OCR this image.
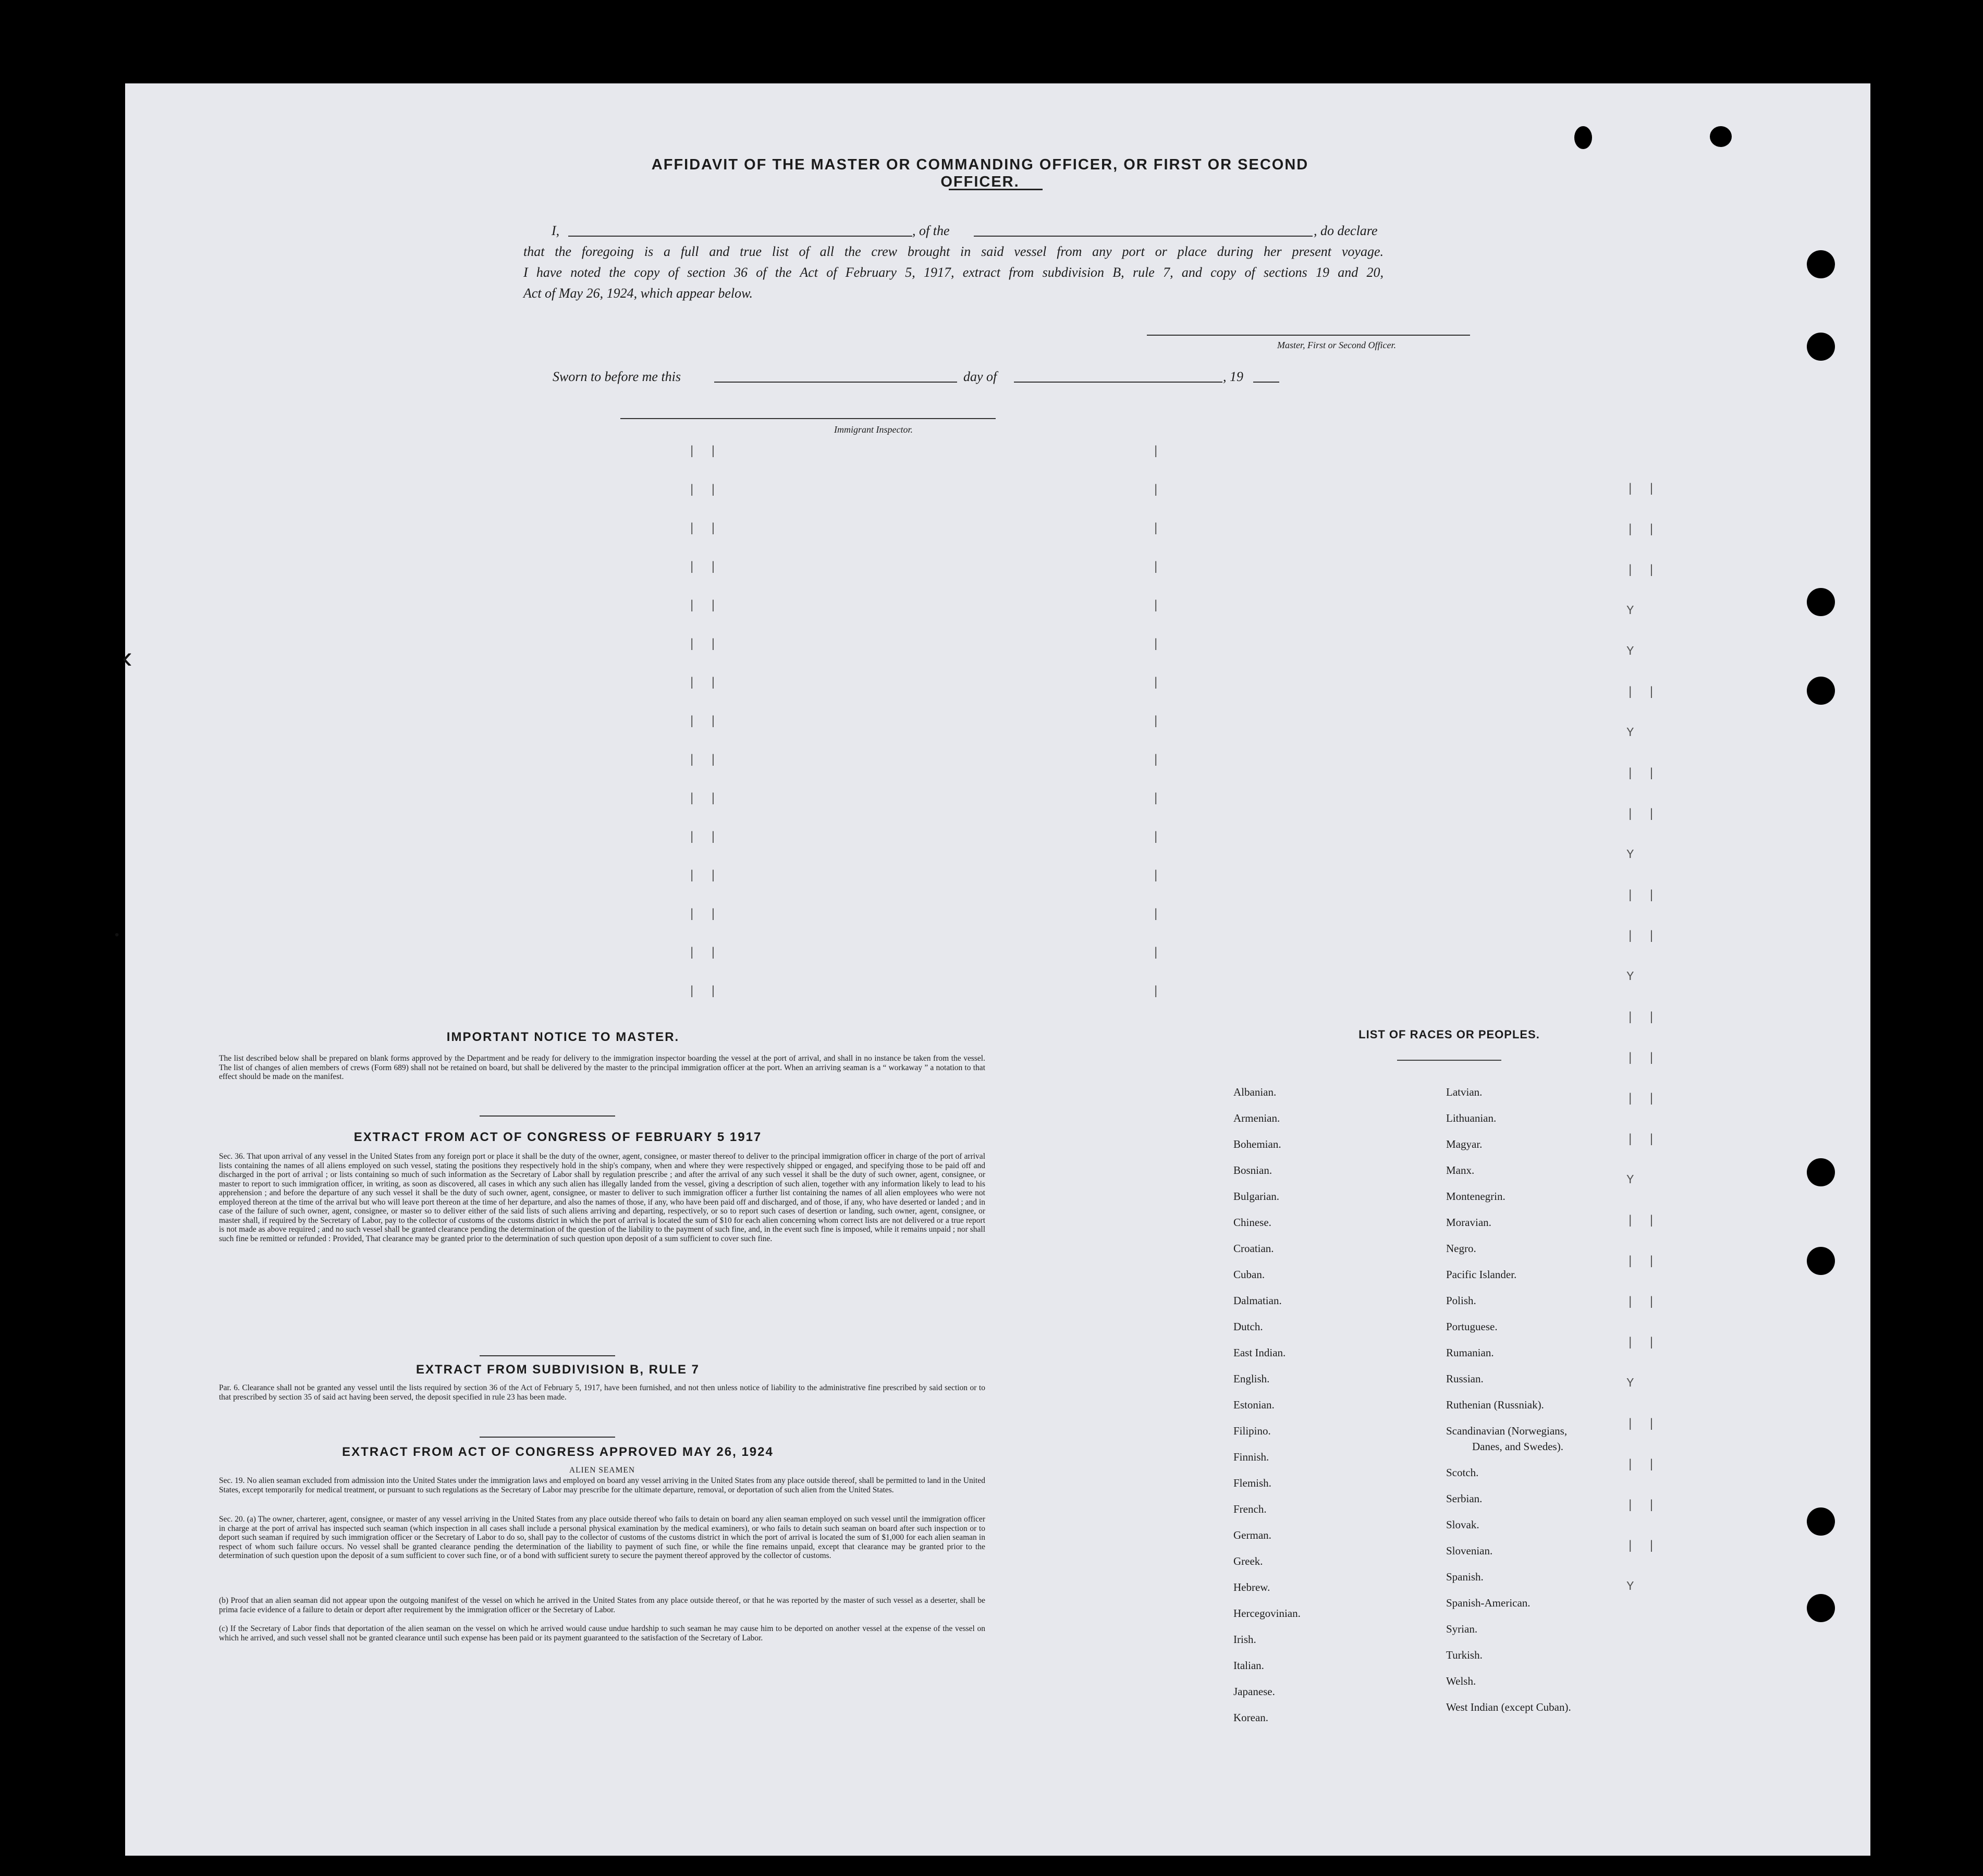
‹
•
AFFIDAVIT OF THE MASTER OR COMMANDING OFFICER, OR FIRST OR SECOND OFFICER.
I,	, of the	, do declare
that the foregoing is a full and true list of all the crew brought in said vessel from any port or place during her present voyage.
I have noted the copy of section 36 of the Act of February 5, 1917, extract from subdivision B, rule 7, and copy of sections 19 and 20,
Act of May 26, 1924, which appear below.
Master, First or Second Officer.
Sworn to before me this	day of	, 19
Immigrant Inspector.
| |
| |
| |
| |
| |
| |
| |
| |
| |
| |
| |
| |
| |
| |
| |
|
|
|
|
|
|
|
|
|
|
|
|
|
|
|
| |
| |
| |
Y
Y
| |
Y
| |
| |
Y
| |
| |
Y
| |
| |
| |
| |
Y
| |
| |
| |
| |
Y
| |
| |
| |
| |
Y
IMPORTANT NOTICE TO MASTER.
The list described below shall be prepared on blank forms approved by the Department and be ready for delivery to the immigration inspector boarding the vessel at the port of arrival, and shall in no instance be taken from the vessel. The list of changes of alien members of crews (Form 689) shall not be retained on board, but shall be delivered by the master to the principal immigration officer at the port. When an arriving seaman is a “ workaway ” a notation to that effect should be made on the manifest.
EXTRACT FROM ACT OF CONGRESS OF FEBRUARY 5 1917
Sec. 36. That upon arrival of any vessel in the United States from any foreign port or place it shall be the duty of the owner, agent, consignee, or master thereof to deliver to the principal immigration officer in charge of the port of arrival lists containing the names of all aliens employed on such vessel, stating the positions they respectively hold in the ship's company, when and where they were respectively shipped or engaged, and specifying those to be paid off and discharged in the port of arrival ; or lists containing so much of such information as the Secretary of Labor shall by regulation prescribe ; and after the arrival of any such vessel it shall be the duty of such owner, agent, consignee, or master to report to such immigration officer, in writing, as soon as discovered, all cases in which any such alien has illegally landed from the vessel, giving a description of such alien, together with any information likely to lead to his apprehension ; and before the departure of any such vessel it shall be the duty of such owner, agent, consignee, or master to deliver to such immigration officer a further list containing the names of all alien employees who were not employed thereon at the time of the arrival but who will leave port thereon at the time of her departure, and also the names of those, if any, who have been paid off and discharged, and of those, if any, who have deserted or landed ; and in case of the failure of such owner, agent, consignee, or master so to deliver either of the said lists of such aliens arriving and departing, respectively, or so to report such cases of desertion or landing, such owner, agent, consignee, or master shall, if required by the Secretary of Labor, pay to the collector of customs of the customs district in which the port of arrival is located the sum of $10 for each alien concerning whom correct lists are not delivered or a true report is not made as above required ; and no such vessel shall be granted clearance pending the determination of the question of the liability to the payment of such fine, and, in the event such fine is imposed, while it remains unpaid ; nor shall such fine be remitted or refunded : Provided, That clearance may be granted prior to the determination of such question upon deposit of a sum sufficient to cover such fine.
EXTRACT FROM SUBDIVISION B, RULE 7
Par. 6. Clearance shall not be granted any vessel until the lists required by section 36 of the Act of February 5, 1917, have been furnished, and not then unless notice of liability to the administrative fine prescribed by said section or to that prescribed by section 35 of said act having been served, the deposit specified in rule 23 has been made.
EXTRACT FROM ACT OF CONGRESS APPROVED MAY 26, 1924
ALIEN SEAMEN
Sec. 19. No alien seaman excluded from admission into the United States under the immigration laws and employed on board any vessel arriving in the United States from any place outside thereof, shall be permitted to land in the United States, except temporarily for medical treatment, or pursuant to such regulations as the Secretary of Labor may prescribe for the ultimate departure, removal, or deportation of such alien from the United States.
Sec. 20. (a) The owner, charterer, agent, consignee, or master of any vessel arriving in the United States from any place outside thereof who fails to detain on board any alien seaman employed on such vessel until the immigration officer in charge at the port of arrival has inspected such seaman (which inspection in all cases shall include a personal physical examination by the medical examiners), or who fails to detain such seaman on board after such inspection or to deport such seaman if required by such immigration officer or the Secretary of Labor to do so, shall pay to the collector of customs of the customs district in which the port of arrival is located the sum of $1,000 for each alien seaman in respect of whom such failure occurs. No vessel shall be granted clearance pending the determination of the liability to payment of such fine, or while the fine remains unpaid, except that clearance may be granted prior to the determination of such question upon the deposit of a sum sufficient to cover such fine, or of a bond with sufficient surety to secure the payment thereof approved by the collector of customs.
(b) Proof that an alien seaman did not appear upon the outgoing manifest of the vessel on which he arrived in the United States from any place outside thereof, or that he was reported by the master of such vessel as a deserter, shall be prima facie evidence of a failure to detain or deport after requirement by the immigration officer or the Secretary of Labor.
(c) If the Secretary of Labor finds that deportation of the alien seaman on the vessel on which he arrived would cause undue hardship to such seaman he may cause him to be deported on another vessel at the expense of the vessel on which he arrived, and such vessel shall not be granted clearance until such expense has been paid or its payment guaranteed to the satisfaction of the Secretary of Labor.
LIST OF RACES OR PEOPLES.
Albanian.
Armenian.
Bohemian.
Bosnian.
Bulgarian.
Chinese.
Croatian.
Cuban.
Dalmatian.
Dutch.
East Indian.
English.
Estonian.
Filipino.
Finnish.
Flemish.
French.
German.
Greek.
Hebrew.
Hercegovinian.
Irish.
Italian.
Japanese.
Korean.
Latvian.
Lithuanian.
Magyar.
Manx.
Montenegrin.
Moravian.
Negro.
Pacific Islander.
Polish.
Portuguese.
Rumanian.
Russian.
Ruthenian (Russniak).
Scandinavian (Norwegians,
Danes, and Swedes).
Scotch.
Serbian.
Slovak.
Slovenian.
Spanish.
Spanish-American.
Syrian.
Turkish.
Welsh.
West Indian (except Cuban).
